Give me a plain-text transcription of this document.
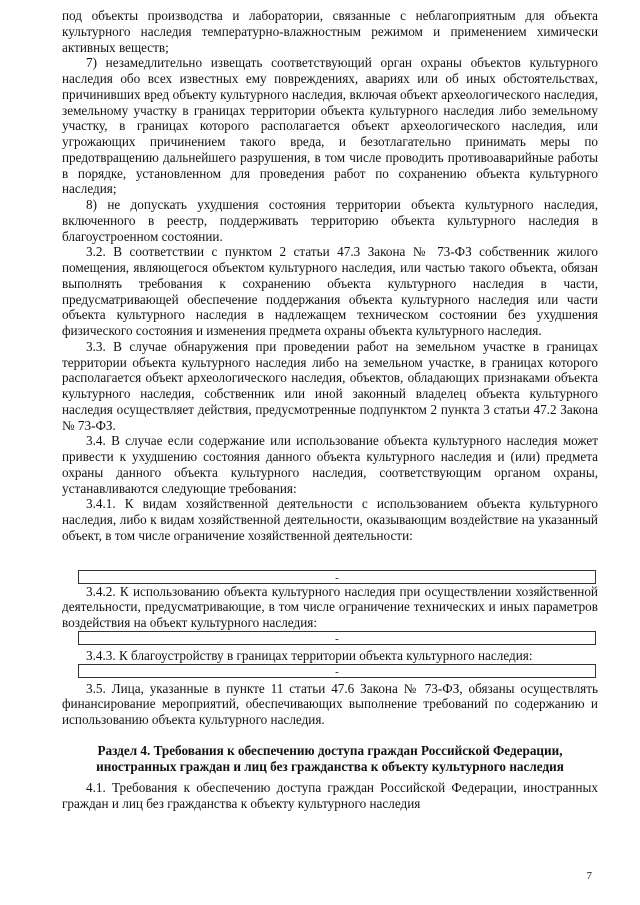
под объекты производства и лаборатории, связанные с неблагоприятным для объекта культурного наследия температурно-влажностным режимом и применением химически активных веществ;

7) незамедлительно извещать соответствующий орган охраны объектов культурного наследия обо всех известных ему повреждениях, авариях или об иных обстоятельствах, причинивших вред объекту культурного наследия, включая объект археологического наследия, земельному участку в границах территории объекта культурного наследия либо земельному участку, в границах которого располагается объект археологического наследия, или угрожающих причинением такого вреда, и безотлагательно принимать меры по предотвращению дальнейшего разрушения, в том числе проводить противоаварийные работы в порядке, установленном для проведения работ по сохранению объекта культурного наследия;

8) не допускать ухудшения состояния территории объекта культурного наследия, включенного в реестр, поддерживать территорию объекта культурного наследия в благоустроенном состоянии.

3.2. В соответствии с пунктом 2 статьи 47.3 Закона № 73-ФЗ собственник жилого помещения, являющегося объектом культурного наследия, или частью такого объекта, обязан выполнять требования к сохранению объекта культурного наследия в части, предусматривающей обеспечение поддержания объекта культурного наследия или части объекта культурного наследия в надлежащем техническом состоянии без ухудшения физического состояния и изменения предмета охраны объекта культурного наследия.

3.3. В случае обнаружения при проведении работ на земельном участке в границах территории объекта культурного наследия либо на земельном участке, в границах которого располагается объект археологического наследия, объектов, обладающих признаками объекта культурного наследия, собственник или иной законный владелец объекта культурного наследия осуществляет действия, предусмотренные подпунктом 2 пункта 3 статьи 47.2 Закона № 73-ФЗ.

3.4. В случае если содержание или использование объекта культурного наследия может привести к ухудшению состояния данного объекта культурного наследия и (или) предмета охраны данного объекта культурного наследия, соответствующим органом охраны, устанавливаются следующие требования:

3.4.1. К видам хозяйственной деятельности с использованием объекта культурного наследия, либо к видам хозяйственной деятельности, оказывающим воздействие на указанный объект, в том числе ограничение хозяйственной деятельности:

-

3.4.2. К использованию объекта культурного наследия при осуществлении хозяйственной деятельности, предусматривающие, в том числе ограничение технических и иных параметров воздействия на объект культурного наследия:

-

3.4.3. К благоустройству в границах территории объекта культурного наследия:

-

3.5. Лица, указанные в пункте 11 статьи 47.6 Закона № 73-ФЗ, обязаны осуществлять финансирование мероприятий, обеспечивающих выполнение требований по содержанию и использованию объекта культурного наследия.

Раздел 4. Требования к обеспечению доступа граждан Российской Федерации, иностранных граждан и лиц без гражданства к объекту культурного наследия

4.1. Требования к обеспечению доступа граждан Российской Федерации, иностранных граждан и лиц без гражданства к объекту культурного наследия

7
